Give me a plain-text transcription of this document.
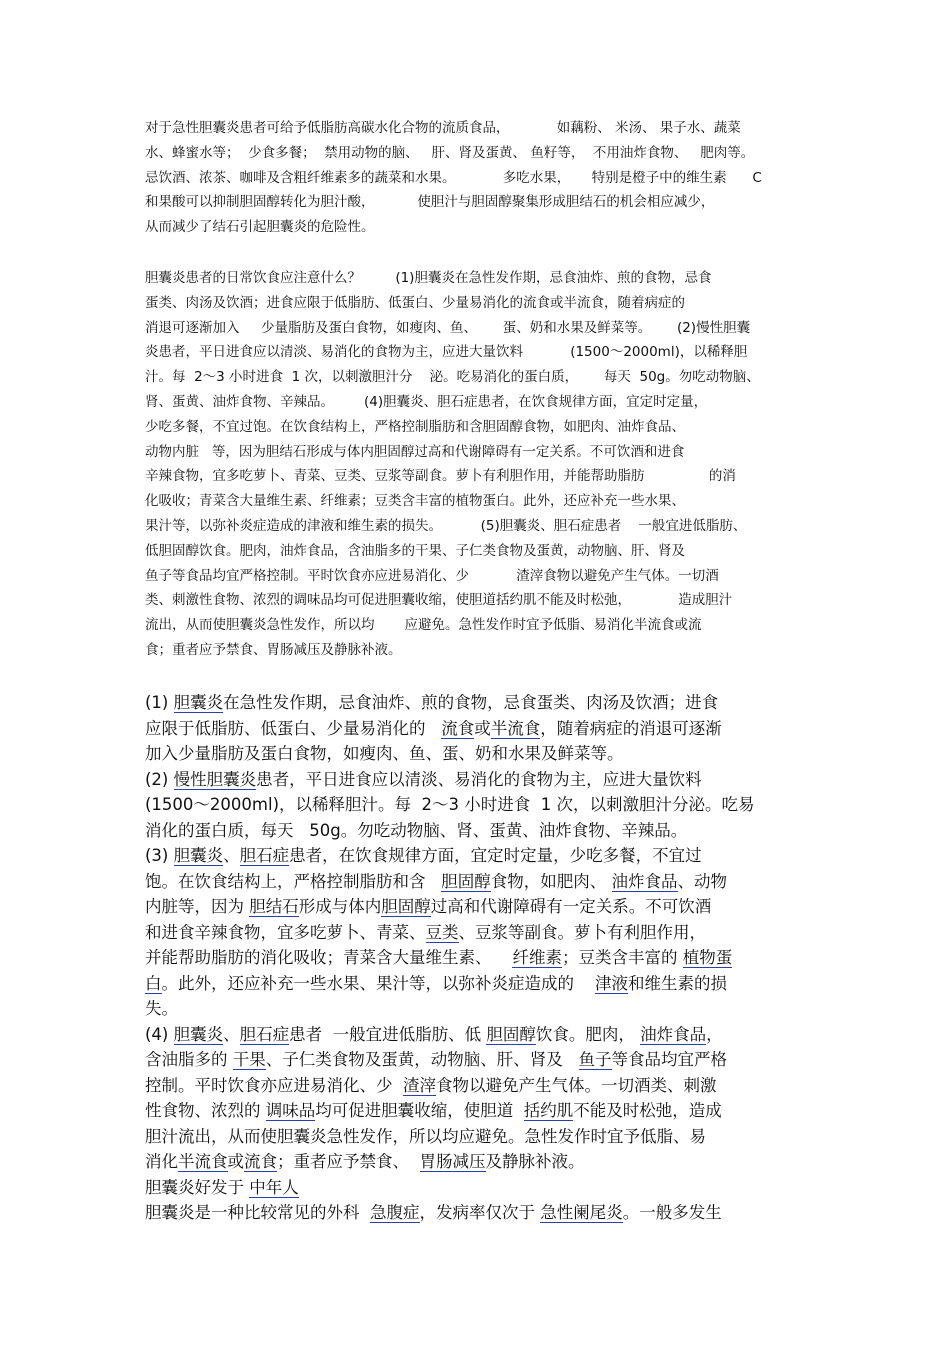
对于急性胆囊炎患者可给予低脂肪高碳水化合物的流质食品，           如藕粉、 米汤、 果子水、蔬菜
水、蜂蜜水等；  少食多餐；  禁用动物的脑、   肝、肾及蛋黄、 鱼籽等，  不用油炸食物、   肥肉等。
忌饮酒、浓茶、咖啡及含粗纤维素多的蔬菜和水果。           多吃水果，     特别是橙子中的维生素      C
和果酸可以抑制胆固醇转化为胆汁酸，          使胆汁与胆固醇聚集形成胆结石的机会相应减少，
从而减少了结石引起胆囊炎的危险性。
胆囊炎患者的日常饮食应注意什么？        (1)胆囊炎在急性发作期，忌食油炸、煎的食物，忌食
蛋类、肉汤及饮酒；进食应限于低脂肪、低蛋白、少量易消化的流食或半流食，随着病症的
消退可逐渐加入     少量脂肪及蛋白食物，如瘦肉、鱼、      蛋、奶和水果及鲜菜等。      (2)慢性胆囊
炎患者，平日进食应以清淡、易消化的食物为主，应进大量饮料           (1500～2000ml)，以稀释胆
汁。每  2～3 小时进食  1 次，以刺激胆汁分    泌。吃易消化的蛋白质，      每天  50g。勿吃动物脑、
肾、蛋黄、油炸食物、辛辣品。       (4)胆囊炎、胆石症患者，在饮食规律方面，宜定时定量，
少吃多餐，不宜过饱。在饮食结构上，严格控制脂肪和含胆固醇食物，如肥肉、油炸食品、
动物内脏   等，因为胆结石形成与体内胆固醇过高和代谢障碍有一定关系。不可饮酒和进食
辛辣食物，宜多吃萝卜、青菜、豆类、豆浆等副食。萝卜有利胆作用，并能帮助脂肪               的消
化吸收；青菜含大量维生素、纤维素；豆类含丰富的植物蛋白。此外，还应补充一些水果、
果汁等，以弥补炎症造成的津液和维生素的损失。         (5)胆囊炎、胆石症患者    一般宜进低脂肪、
低胆固醇饮食。肥肉，油炸食品，含油脂多的干果、子仁类食物及蛋黄，动物脑、肝、肾及
鱼子等食品均宜严格控制。平时饮食亦应进易消化、少           渣滓食物以避免产生气体。一切酒
类、刺激性食物、浓烈的调味品均可促进胆囊收缩，使胆道括约肌不能及时松弛，           造成胆汁
流出，从而使胆囊炎急性发作，所以均       应避免。急性发作时宜予低脂、易消化半流食或流
食；重者应予禁食、胃肠减压及静脉补液。
(1) 胆囊炎在急性发作期，忌食油炸、煎的食物，忌食蛋类、肉汤及饮酒；进食
应限于低脂肪、低蛋白、少量易消化的   流食或半流食，随着病症的消退可逐渐
加入少量脂肪及蛋白食物，如瘦肉、鱼、蛋、奶和水果及鲜菜等。
(2) 慢性胆囊炎患者，平日进食应以清淡、易消化的食物为主，应进大量饮料
(1500～2000ml)，以稀释胆汁。每  2～3 小时进食  1 次，以刺激胆汁分泌。吃易
消化的蛋白质，每天   50g。勿吃动物脑、肾、蛋黄、油炸食物、辛辣品。
(3) 胆囊炎、胆石症患者，在饮食规律方面，宜定时定量，少吃多餐，不宜过
饱。在饮食结构上，严格控制脂肪和含   胆固醇食物，如肥肉、 油炸食品、动物
内脏等，因为 胆结石形成与体内胆固醇过高和代谢障碍有一定关系。不可饮酒
和进食辛辣食物，宜多吃萝卜、青菜、豆类、豆浆等副食。萝卜有利胆作用，
并能帮助脂肪的消化吸收；青菜含大量维生素、    纤维素；豆类含丰富的 植物蛋
白。此外，还应补充一些水果、果汁等，以弥补炎症造成的    津液和维生素的损
失。
(4) 胆囊炎、胆石症患者  一般宜进低脂肪、低 胆固醇饮食。肥肉， 油炸食品，
含油脂多的 干果、子仁类食物及蛋黄，动物脑、肝、肾及   鱼子等食品均宜严格
控制。平时饮食亦应进易消化、少  渣滓食物以避免产生气体。一切酒类、刺激
性食物、浓烈的 调味品均可促进胆囊收缩，使胆道  括约肌不能及时松弛，造成
胆汁流出，从而使胆囊炎急性发作，所以均应避免。急性发作时宜予低脂、易
消化半流食或流食；重者应予禁食、  胃肠减压及静脉补液。
胆囊炎好发于 中年人
胆囊炎是一种比较常见的外科  急腹症，发病率仅次于 急性阑尾炎。一般多发生
